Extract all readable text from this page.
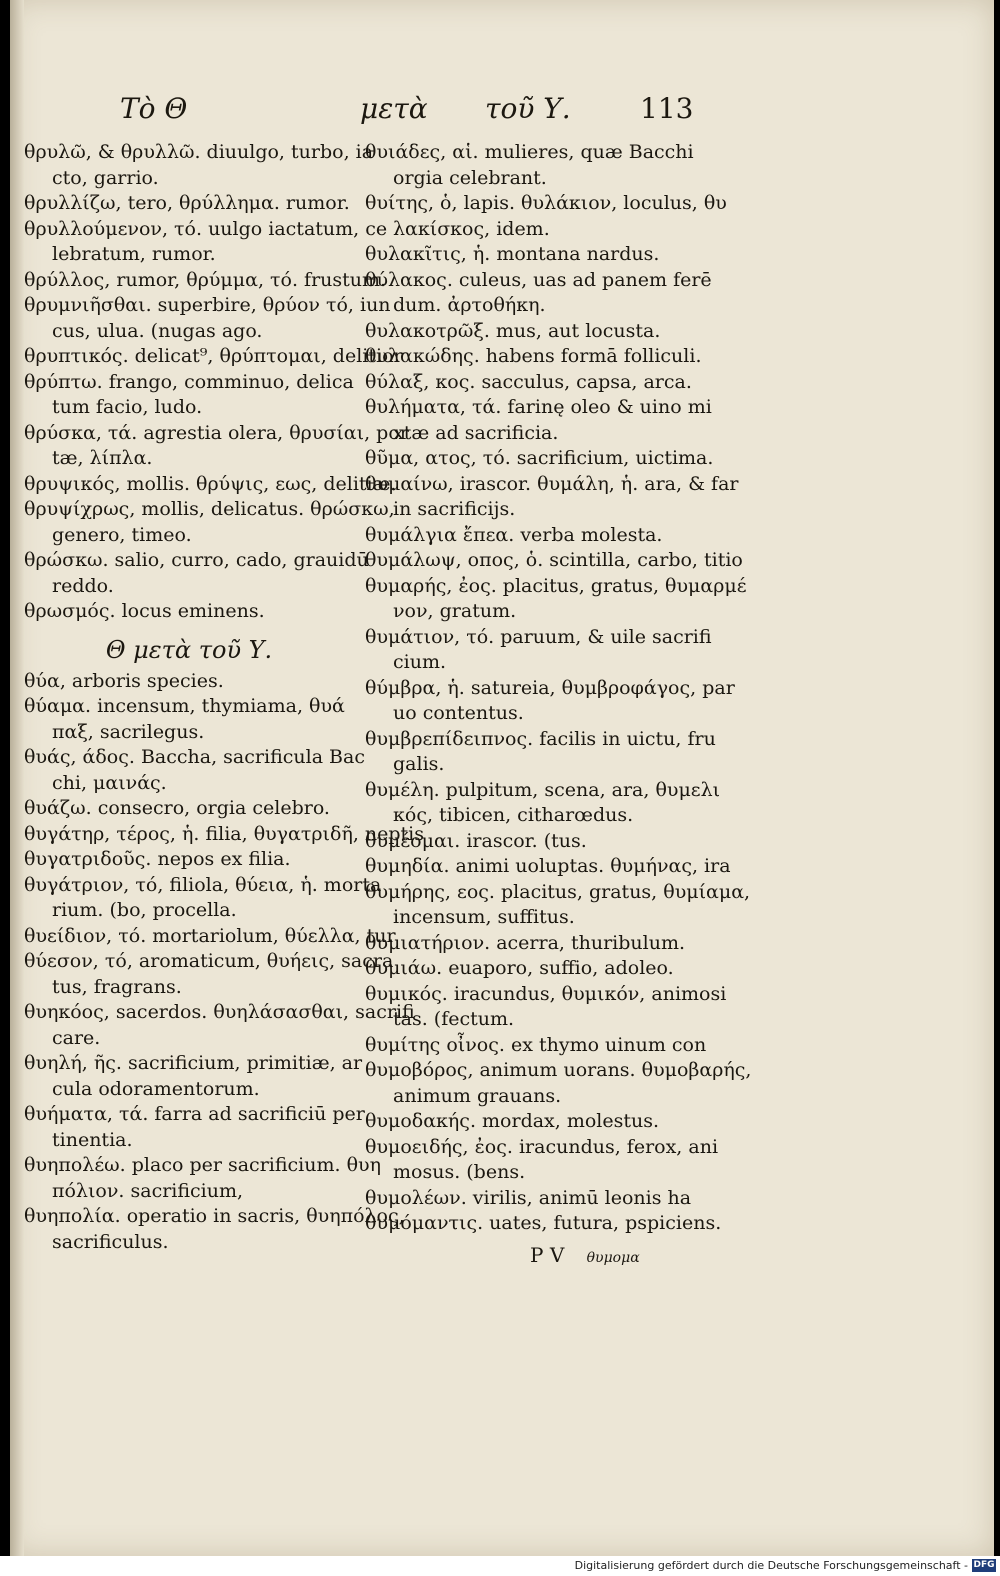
Τὸ Θ	μετὰ τοῦ Υ. 113
θρυλῶ, & θρυλλῶ. diuulgo, turbo, ia
cto, garrio.
θρυλλίζω, tero, θρύλλημα. rumor.
θρυλλούμενον, τό. uulgo iactatum, ce
lebratum, rumor.
θρύλλος, rumor, θρύμμα, τό. frustum.
θρυμνιῆσθαι. superbire, θρύον τό, iun
cus, ulua. (nugas ago.
θρυπτικός. delicat⁹, θρύπτομαι, delitior
θρύπτω. frango, comminuo, delica
tum facio, ludo.
θρύσκα, τά. agrestia olera, θρυσίαι, por
tæ, λίπλα.
θρυψικός, mollis. θρύψις, εως, delitiæ.
θρυψίχρως, mollis, delicatus. θρώσκω,
genero, timeo.
θρώσκω. salio, curro, cado, grauidū
reddo.
θρωσμός. locus eminens.
Θ μετὰ τοῦ Υ.
θύα, arboris species.
θύαμα. incensum, thymiama, θυά
παξ, sacrilegus.
θυάς, άδος. Baccha, sacrificula Bac
chi, μαινάς.
θυάζω. consecro, orgia celebro.
θυγάτηρ, τέρος, ἡ. filia, θυγατριδῆ, neptis
θυγατριδοῦς. nepos ex filia.
θυγάτριον, τό, filiola, θύεια, ἡ. morta
rium. (bo, procella.
θυείδιον, τό. mortariolum, θύελλα, tur
θύεσον, τό, aromaticum, θυήεις, sacra
tus, fragrans.
θυηκόος, sacerdos. θυηλάσασθαι, sacrifi
care.
θυηλή, ῆς. sacrificium, primitiæ, ar
cula odoramentorum.
θυήματα, τά. farra ad sacrificiū per
tinentia.
θυηπολέω. placo per sacrificium. θυη
πόλιον. sacrificium,
θυηπολία. operatio in sacris, θυηπόλος,
sacrificulus.
θυιάδες, αἱ. mulieres, quæ Bacchi
orgia celebrant.
θυίτης, ὁ, lapis. θυλάκιον, loculus, θυ
λακίσκος, idem.
θυλακῖτις, ἡ. montana nardus.
θύλακος. culeus, uas ad panem ferē
dum. ἀρτοθήκη.
θυλακοτρῶξ. mus, aut locusta.
θυλακώδης. habens formā folliculi.
θύλαξ, κος. sacculus, capsa, arca.
θυλήματα, τά. farinę oleo & uino mi
xtæ ad sacrificia.
θῦμα, ατος, τό. sacrificium, uictima.
θυμαίνω, irascor. θυμάλη, ἡ. ara, & far
in sacrificijs.
θυμάλγια ἔπεα. verba molesta.
θυμάλωψ, οπος, ὁ. scintilla, carbo, titio
θυμαρής, ἐος. placitus, gratus, θυμαρμέ
νον, gratum.
θυμάτιον, τό. paruum, & uile sacrifi
cium.
θύμβρα, ἡ. satureia, θυμβροφάγος, par
uo contentus.
θυμβρεπίδειπνος. facilis in uictu, fru
galis.
θυμέλη. pulpitum, scena, ara, θυμελι
κός, tibicen, citharœdus.
θυμέομαι. irascor. (tus.
θυμηδία. animi uoluptas. θυμήνας, ira
θυμήρης, εος. placitus, gratus, θυμίαμα,
incensum, suffitus.
θυμιατήριον. acerra, thuribulum.
θυμιάω. euaporo, suffio, adoleo.
θυμικός. iracundus, θυμικόν, animosi
tas. (fectum.
θυμίτης οἶνος. ex thymo uinum con
θυμοβόρος, animum uorans. θυμοβαρής,
animum grauans.
θυμοδακής. mordax, molestus.
θυμοειδής, ἐος. iracundus, ferox, ani
mosus. (bens.
θυμολέων. virilis, animū leonis ha
θυμόμαντις. uates, futura, pspiciens.
P V θυμομα
Digitalisierung gefördert durch die Deutsche Forschungsgemeinschaft - DFG
